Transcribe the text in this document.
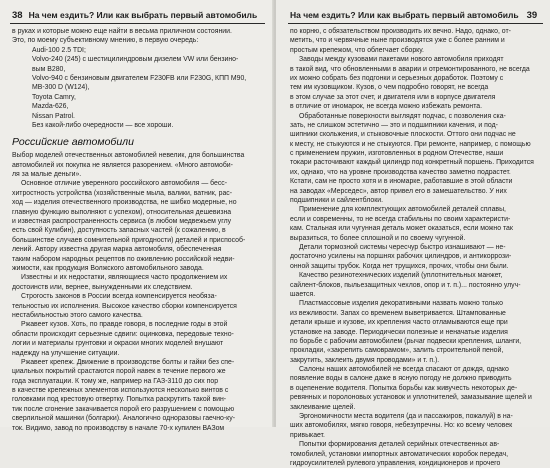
38 На чем ездить? Или как выбрать первый автомобиль
в руках и которые можно еще найти в весьма приличном состоянии.
Это, по моему субъективному мнению, в первую очередь:
Audi-100 2.5 TDI;
Volvo-240 (245) с шестицилиндровым дизелем VW или бензино-
вым B280,
Volvo-940 с бензиновым двигателем F230FB или F230G, КПП M90,
MB-300 D (W124),
Toyota Camry,
Mazda-626,
Nissan Patrol.
Без какой-либо очередности — все хороши.
Российские автомобили
Выбор моделей отечественных автомобилей невелик, для большинства
автомобилей их покупка не является разорением. «Много автомоби-
ля за малые деньги».
Основное отличие уверенного российского автомобиля — бесс-
хитростность устройства (хозяйственные мыла, валики, ватник, рас-
ход — изделия отечественного производства, не шибко модерные, но
главную функцию выполняют с успехом), относительная дешевизна
и известная распространенность сервиса (в любом медвежьем углу
есть свой Кулибин), доступность запасных частей (к сожалению, в
большинстве случаев сомнительной пригодности) деталей и приспособ-
лений. Автору известна другая марка автомобиля, обеспеченная
таким набором народных рецептов по оживлению российской недви-
жимости, как продукция Волжского автомобильного завода.
Известны и их недостатки, являющиеся часто продолжением их
достоинств или, вернее, вынужденными их следствием.
Строгость законов в России всегда компенсируется необяза-
тельностью их исполнения. Высокое качество сборки компенсируется
нестабильностью этого самого качества.
Ржавеет кузов. Хоть, по правде говоря, в последние годы в этой
области происходит серьезные сдвиги: оцинковка, передовые техно-
логии и материалы грунтовки и окраски многих моделей внушают
надежду на улучшение ситуации.
Ржавеет крепеж. Движение в производстве болты и гайки без спе-
циальных покрытий срастаются порой навек в течение первого же
года эксплуатации. К тому же, например на ГАЗ-3110 до сих пор
в качестве крепежных элементов используются несколько винтов с
головками под крестовую отвертку. Попытка раскрутить такой вин-
тик после сгонение закачивается порой его разрушением с помощью
сверлильной машинки (болгарки). Аналогично одноразовы гаечно-ку-
ток. Видимо, завод по производству в начале 70-х купилен ВАЗом
На чем ездить? Или как выбрать первый автомобиль 39
по корню, с обязательством производить их вечно. Надо, однако, от-
метить, что и червячные ныне производятся уже с более ранним и
простым крепежом, что облегчает сборку.
Заводы между кузовами пакетами нового автомобиля приходят
в такой вид, что обновленными в аварии и отремонтированного, не всегда
их можно собрать без подгонки и серьезных доработок. Поэтому с
тем им кузовщиком. Кузов, о чем подробно говорят, не всегда
в этом случае за этот счет, и двигателя или в корпусе двигателя
в отличие от иномарок, не всегда можно избежать ремонта.
Обработанные поверхности выглядят подчас, с позволения ска-
зать, не слишком эстетично — это и подшипники качения, и под-
шипники скольжения, и стыковочные плоскости. Оттого они подчас не
к месту, не стыкуются и не стыкуются. При ремонте, например, с помощью
с применением пружин, изготовленных в родном Отечестве, наши
токари расточивают каждый цилиндр под конкретный поршень. Приходится
их, однако, что на уровне производства качество заметно подрастет.
Кстати, сам не просто хотя и в иномарке, работавшие в этой области
на заводах «Мерседес», автор привел его в замешательство. У них
подшипники и сайлентблоки.
Применение для комплектующих автомобилей деталей сплавы,
если и современны, то не всегда стабильны по своим характеристи-
кам. Стальная или чугунная деталь может оказаться, если можно так
выразиться, то более сплошной и по своему чугунной.
Детали тормозной системы чересчур быстро изнашивают — не-
достаточно усилены на поршнях рабочих цилиндров, и антикоррози-
онной защиты трубок. Когда нет трущихся, прочих, чтобы они были.
Качество резинотехнических изделий (уплотнительных манжет,
сайлент-блоков, пыльезащитных чехлов, опор и т. п.)... постоянно улуч-
шается.
Пластмассовые изделия декоративными назвать можно только
из вежливости. Запах со временем выветривается. Штампованные
детали крыше и кузове, их крепления часто отламываются еще при
установке на заводе. Периодически полезные и неначатые изделия
по борьбе с рабочим автомобилем (рычаг подвески крепления, шланги,
прокладки, «закрепить самоврамом», залить строительной пеной,
закрутить, заклеить двумя проводами» и т. п.).
Салоны наших автомобилей не всегда спасают от дождя, однако
появление воды в салоне даже в ясную погоду не должно приводить
в оцепенение водителя. Попытка борьбы как живучесть некоторых де-
ревянных и поролоновых установок и уплотнителей, замазывание щелей и
заклеивание щелей.
Эргономичности места водителя (да и пассажиров, пожалуй) в на-
ших автомобилях, мягко говоря, небезупречны. Но: ко всему человек
привыкает.
Попытки формирования деталей серийных отечественных ав-
томобилей, установки импортных автоматических коробок передач,
гидроусилителей рулевого управления, кондиционеров и прочего
